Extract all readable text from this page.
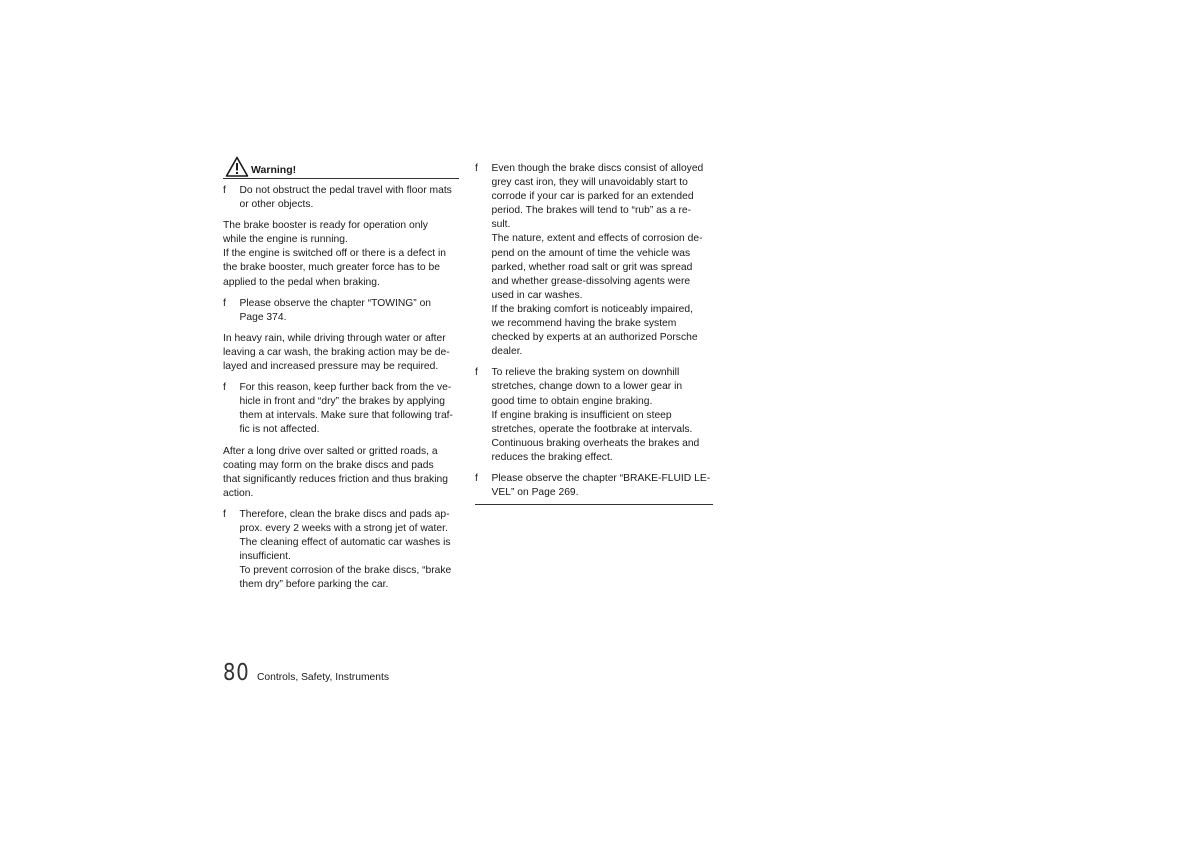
Warning!
f Do not obstruct the pedal travel with floor mats

or other objects.

The brake booster is ready for operation only

while the engine is running.

If the engine is switched off or there is a defect in

the brake booster, much greater force has to be

applied to the pedal when braking.

f Please observe the chapter “TOWING” on

Page 374.

In heavy rain, while driving through water or after

leaving a car wash, the braking action may be de-

layed and increased pressure may be required.

f For this reason, keep further back from the ve-

hicle in front and “dry” the brakes by applying

them at intervals. Make sure that following traf-

fic is not affected.

After a long drive over salted or gritted roads, a

coating may form on the brake discs and pads

that significantly reduces friction and thus braking

action.

f Therefore, clean the brake discs and pads ap-

prox. every 2 weeks with a strong jet of water.

The cleaning effect of automatic car washes is

insufficient.

To prevent corrosion of the brake discs, “brake

them dry” before parking the car.

f Even though the brake discs consist of alloyed

grey cast iron, they will unavoidably start to

corrode if your car is parked for an extended

period. The brakes will tend to “rub” as a re-

sult.

The nature, extent and effects of corrosion de-

pend on the amount of time the vehicle was

parked, whether road salt or grit was spread

and whether grease-dissolving agents were

used in car washes.

If the braking comfort is noticeably impaired,

we recommend having the brake system

checked by experts at an authorized Porsche

dealer.

f To relieve the braking system on downhill

stretches, change down to a lower gear in

good time to obtain engine braking.

If engine braking is insufficient on steep

stretches, operate the footbrake at intervals.

Continuous braking overheats the brakes and

reduces the braking effect.

f Please observe the chapter “BRAKE-FLUID LE-

VEL” on Page 269.

80 Controls, Safety, Instruments
